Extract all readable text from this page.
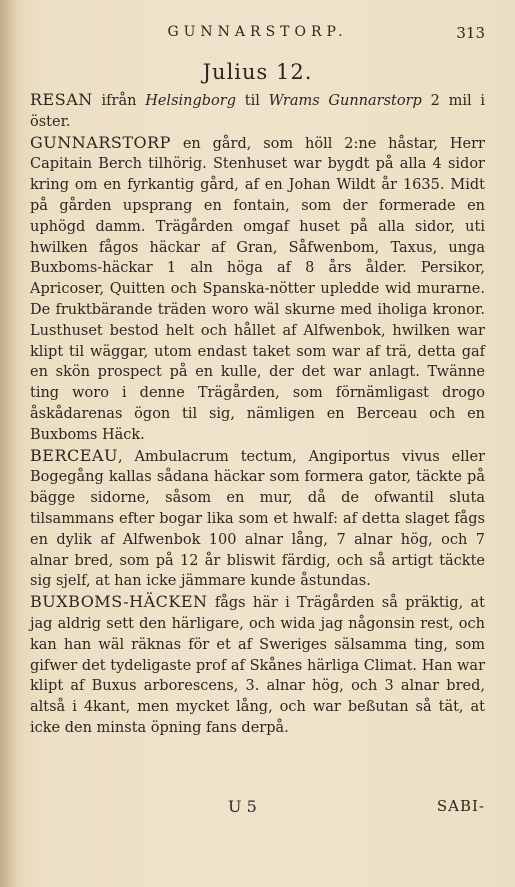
GUNNARSTORP.	313
Julius 12.

RESAN ifrån Helsingborg til Wrams Gunnarstorp 2 mil i öster.

GUNNARSTORP en gård, som höll 2:ne håstar, Herr Capitain Berch tilhörig. Stenhuset war bygdt på alla 4 sidor kring om en fyrkantig gård, af en Johan Wildt år 1635. Midt på gården upsprang en fontain, som der formerade en uphögd damm. Trägården omgaf huset på alla sidor, uti hwilken fågos häckar af Gran, Såfwenbom, Taxus, unga Buxboms-häckar 1 aln höga af 8 års ålder. Persikor, Apricoser, Quitten och Spanska-nötter upledde wid murarne. De fruktbärande träden woro wäl skurne med iholiga kronor. Lusthuset bestod helt och hållet af Alfwenbok, hwilken war klipt til wäggar, utom endast taket som war af trä, detta gaf en skön prospect på en kulle, der det war anlagt. Twänne ting woro i denne Trägården, som förnämligast drogo åskådarenas ögon til sig, nämligen en Berceau och en Buxboms Häck.

BERCEAU, Ambulacrum tectum, Angiportus vivus eller Bogegång kallas sådana häckar som formera gator, täckte på bägge sidorne, såsom en mur, då de ofwantil sluta tilsammans efter bogar lika som et hwalf: af detta slaget fågs en dylik af Alfwenbok 100 alnar lång, 7 alnar hög, och 7 alnar bred, som på 12 år bliswit färdig, och så artigt täckte sig sjelf, at han icke jämmare kunde åstundas.

BUXBOMS-HÄCKEN fågs här i Trägården så präktig, at jag aldrig sett den härligare, och wida jag någonsin rest, och kan han wäl räknas för et af Sweriges sälsamma ting, som gifwer det tydeligaste prof af Skånes härliga Climat. Han war klipt af Buxus arborescens, 3. alnar hög, och 3 alnar bred, altså i 4kant, men mycket lång, och war beßutan så tät, at icke den minsta öpning fans derpå.

U 5	SABI-
